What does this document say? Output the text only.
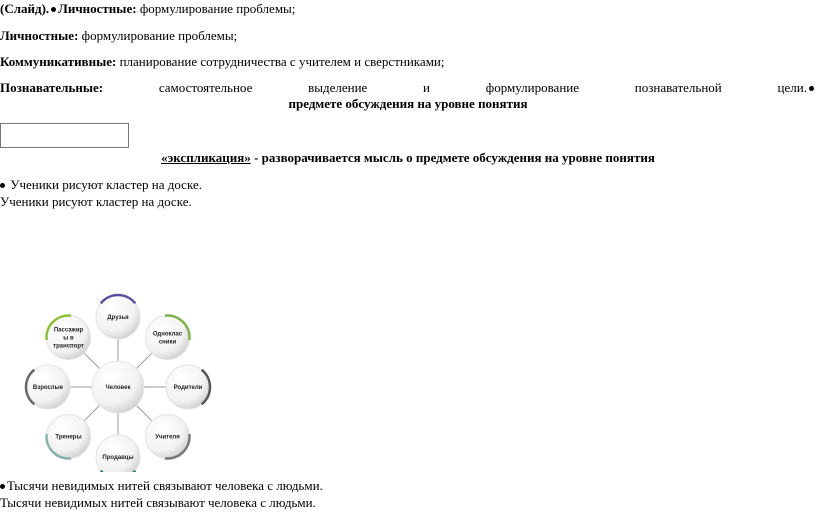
(Слайд). Личностные: формулирование проблемы;
Личностные: формулирование проблемы;
Коммуникативные: планирование сотрудничества с учителем и сверстниками;
Познавательные:	самостоятельное	выделение	и	формулирование	познавательной	цели.
предмете обсуждения на уровне понятия
«экспликация» - разворачивается мысль о предмете обсуждения на уровне понятия
Ученики рисуют кластер на доске.
Ученики рисуют кластер на доске.
Человек
Друзья
Одноклас
сники
Родители
Учителя
Продавцы
Тренеры
Взрослые
Пассажир
ы в
транспорт
Тысячи невидимых нитей связывают человека с людьми.
Тысячи невидимых нитей связывают человека с людьми.
